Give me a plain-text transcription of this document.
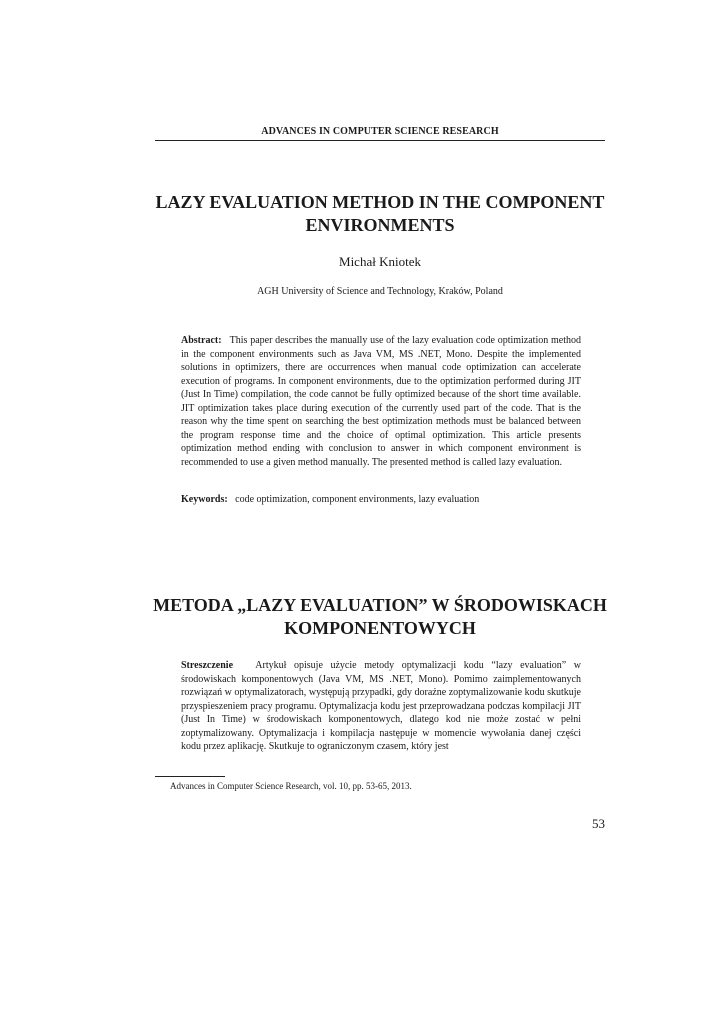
ADVANCES IN COMPUTER SCIENCE RESEARCH
LAZY EVALUATION METHOD IN THE COMPONENT
ENVIRONMENTS
Michał Kniotek
AGH University of Science and Technology, Kraków, Poland
Abstract: This paper describes the manually use of the lazy evaluation code optimization method in the component environments such as Java VM, MS .NET, Mono. Despite the implemented solutions in optimizers, there are occurrences when manual code optimization can accelerate execution of programs. In component environments, due to the optimization performed during JIT (Just In Time) compilation, the code cannot be fully optimized because of the short time available. JIT optimization takes place during execution of the currently used part of the code. That is the reason why the time spent on searching the best optimization methods must be balanced between the program response time and the choice of optimal optimization. This article presents optimization method ending with conclusion to answer in which component environment is recommended to use a given method manually. The presented method is called lazy evaluation.
Keywords: code optimization, component environments, lazy evaluation
METODA „LAZY EVALUATION” W ŚRODOWISKACH
KOMPONENTOWYCH
Streszczenie Artykuł opisuje użycie metody optymalizacji kodu “lazy evaluation” w środowiskach komponentowych (Java VM, MS .NET, Mono). Pomimo zaimplementowanych rozwiązań w optymalizatorach, występują przypadki, gdy doraźne zoptymalizowanie kodu skutkuje przyspieszeniem pracy programu. Optymalizacja kodu jest przeprowadzana podczas kompilacji JIT (Just In Time) w środowiskach komponentowych, dlatego kod nie może zostać w pełni zoptymalizowany. Optymalizacja i kompilacja następuje w momencie wywołania danej części kodu przez aplikację. Skutkuje to ograniczonym czasem, który jest
Advances in Computer Science Research, vol. 10, pp. 53-65, 2013.
53
